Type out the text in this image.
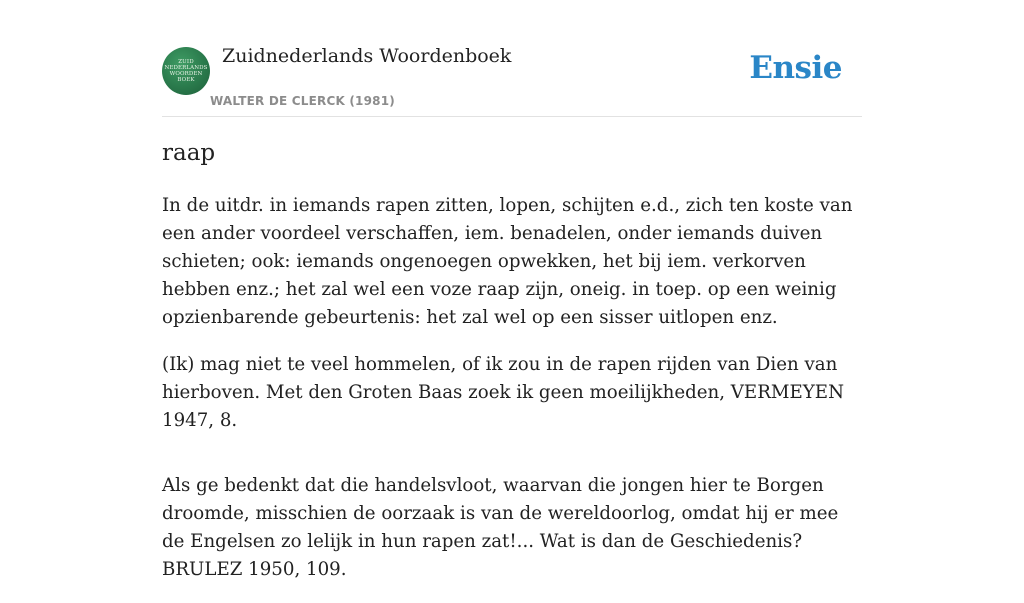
ZUID
NEDERLANDS
WOORDEN
BOEK
Zuidnederlands Woordenboek
WALTER DE CLERCK (1981)
Ensie
raap

In de uitdr. in iemands rapen zitten, lopen, schijten e.d., zich ten koste van een ander voordeel verschaffen, iem. benadelen, onder iemands duiven schieten; ook: iemands ongenoegen opwekken, het bij iem. verkorven hebben enz.; het zal wel een voze raap zijn, oneig. in toep. op een weinig opzienbarende gebeurtenis: het zal wel op een sisser uitlopen enz.

(Ik) mag niet te veel hommelen, of ik zou in de rapen rijden van Dien van hierboven. Met den Groten Baas zoek ik geen moeilijkheden, VERMEYEN 1947, 8.

Als ge bedenkt dat die handelsvloot, waarvan die jongen hier te Borgen droomde, misschien de oorzaak is van de wereldoorlog, omdat hij er mee de Engelsen zo lelijk in hun rapen zat!... Wat is dan de Geschiedenis? BRULEZ 1950, 109.
